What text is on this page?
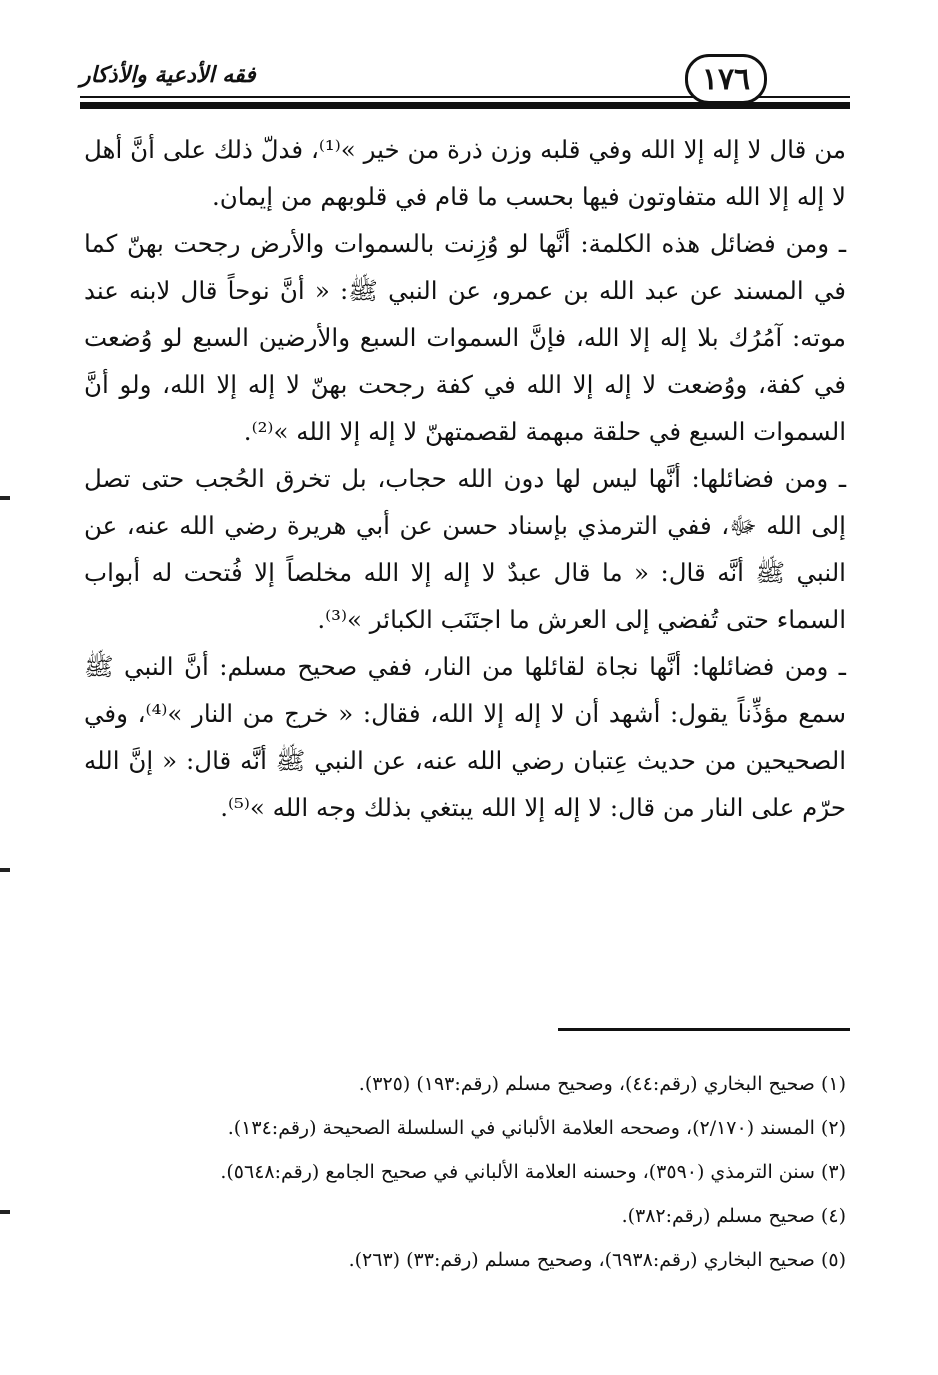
فقه الأدعية والأذكار	١٧٦

من قال لا إله إلا الله وفي قلبه وزن ذرة من خير »⁽¹⁾، فدلّ ذلك على أنَّ أهل لا إله إلا الله متفاوتون فيها بحسب ما قام في قلوبهم من إيمان.

ـ ومن فضائل هذه الكلمة: أنَّها لو وُزِنت بالسموات والأرض رجحت بهنّ كما في المسند عن عبد الله بن عمرو، عن النبي ﷺ: « أنَّ نوحاً قال لابنه عند موته: آمُرُك بلا إله إلا الله، فإنَّ السموات السبع والأرضين السبع لو وُضعت في كفة، ووُضعت لا إله إلا الله في كفة رجحت بهنّ لا إله إلا الله، ولو أنَّ السموات السبع في حلقة مبهمة لقصمتهنّ لا إله إلا الله »⁽²⁾.

ـ ومن فضائلها: أنَّها ليس لها دون الله حجاب، بل تخرق الحُجب حتى تصل إلى الله ﷻ، ففي الترمذي بإسناد حسن عن أبي هريرة رضي الله عنه، عن النبي ﷺ أنَّه قال: « ما قال عبدٌ لا إله إلا الله مخلصاً إلا فُتحت له أبواب السماء حتى تُفضي إلى العرش ما اجتَنَب الكبائر »⁽³⁾.

ـ ومن فضائلها: أنَّها نجاة لقائلها من النار، ففي صحيح مسلم: أنَّ النبي ﷺ سمع مؤذِّناً يقول: أشهد أن لا إله إلا الله، فقال: « خرج من النار »⁽⁴⁾، وفي الصحيحين من حديث عِتبان رضي الله عنه، عن النبي ﷺ أنَّه قال: « إنَّ الله حرّم على النار من قال: لا إله إلا الله يبتغي بذلك وجه الله »⁽⁵⁾.

(١) صحيح البخاري (رقم:٤٤)، وصحيح مسلم (رقم:١٩٣) (٣٢٥).

(٢) المسند (٢/١٧٠)، وصححه العلامة الألباني في السلسلة الصحيحة (رقم:١٣٤).

(٣) سنن الترمذي (٣٥٩٠)، وحسنه العلامة الألباني في صحيح الجامع (رقم:٥٦٤٨).

(٤) صحيح مسلم (رقم:٣٨٢).

(٥) صحيح البخاري (رقم:٦٩٣٨)، وصحيح مسلم (رقم:٣٣) (٢٦٣).
